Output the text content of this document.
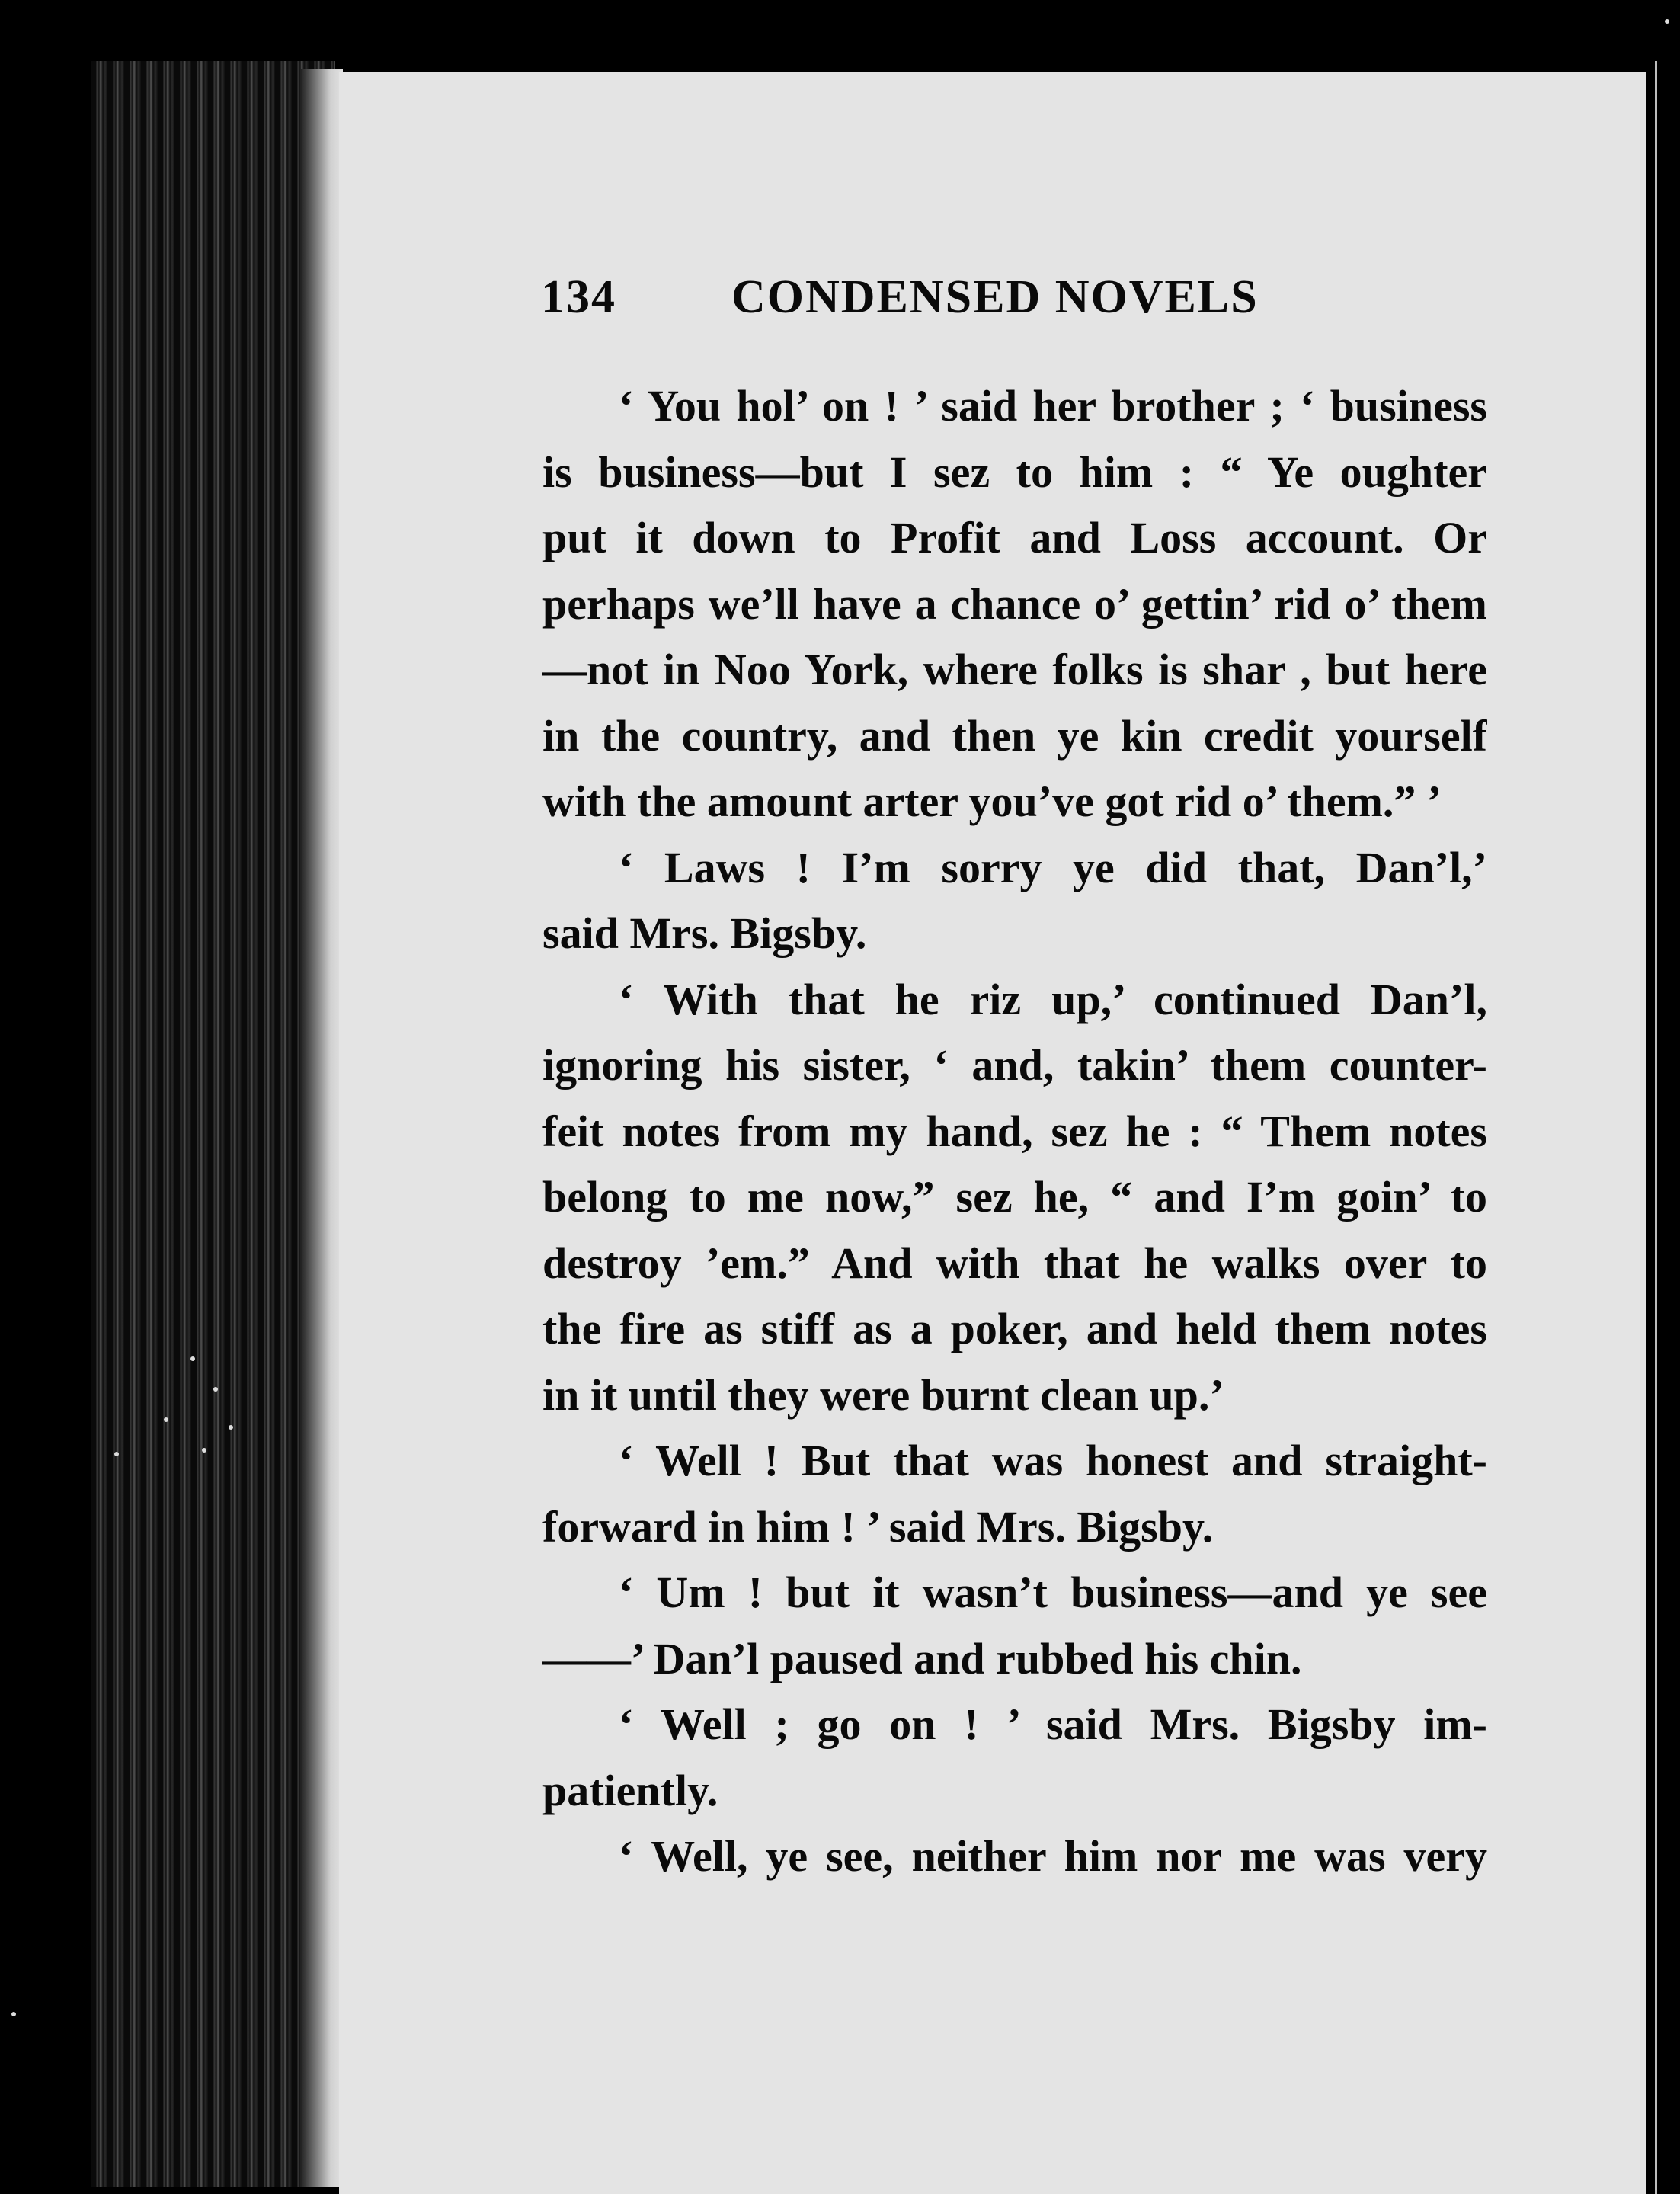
134 CONDENSED NOVELS
‘ You hol’ on ! ’ said her brother ; ‘ business
is business—but I sez to him : “ Ye oughter
put it down to Profit and Loss account. Or
perhaps we’ll have a chance o’ gettin’ rid o’ them
—not in Noo York, where folks is shar , but here
in the country, and then ye kin credit yourself
with the amount arter you’ve got rid o’ them.” ’
‘ Laws ! I’m sorry ye did that, Dan’l,’
said Mrs. Bigsby.
‘ With that he riz up,’ continued Dan’l,
ignoring his sister, ‘ and, takin’ them counter-
feit notes from my hand, sez he : “ Them notes
belong to me now,” sez he, “ and I’m goin’ to
destroy ’em.” And with that he walks over to
the fire as stiff as a poker, and held them notes
in it until they were burnt clean up.’
‘ Well ! But that was honest and straight-
forward in him ! ’ said Mrs. Bigsby.
‘ Um ! but it wasn’t business—and ye see
——’ Dan’l paused and rubbed his chin.
‘ Well ; go on ! ’ said Mrs. Bigsby im-
patiently.
‘ Well, ye see, neither him nor me was very
